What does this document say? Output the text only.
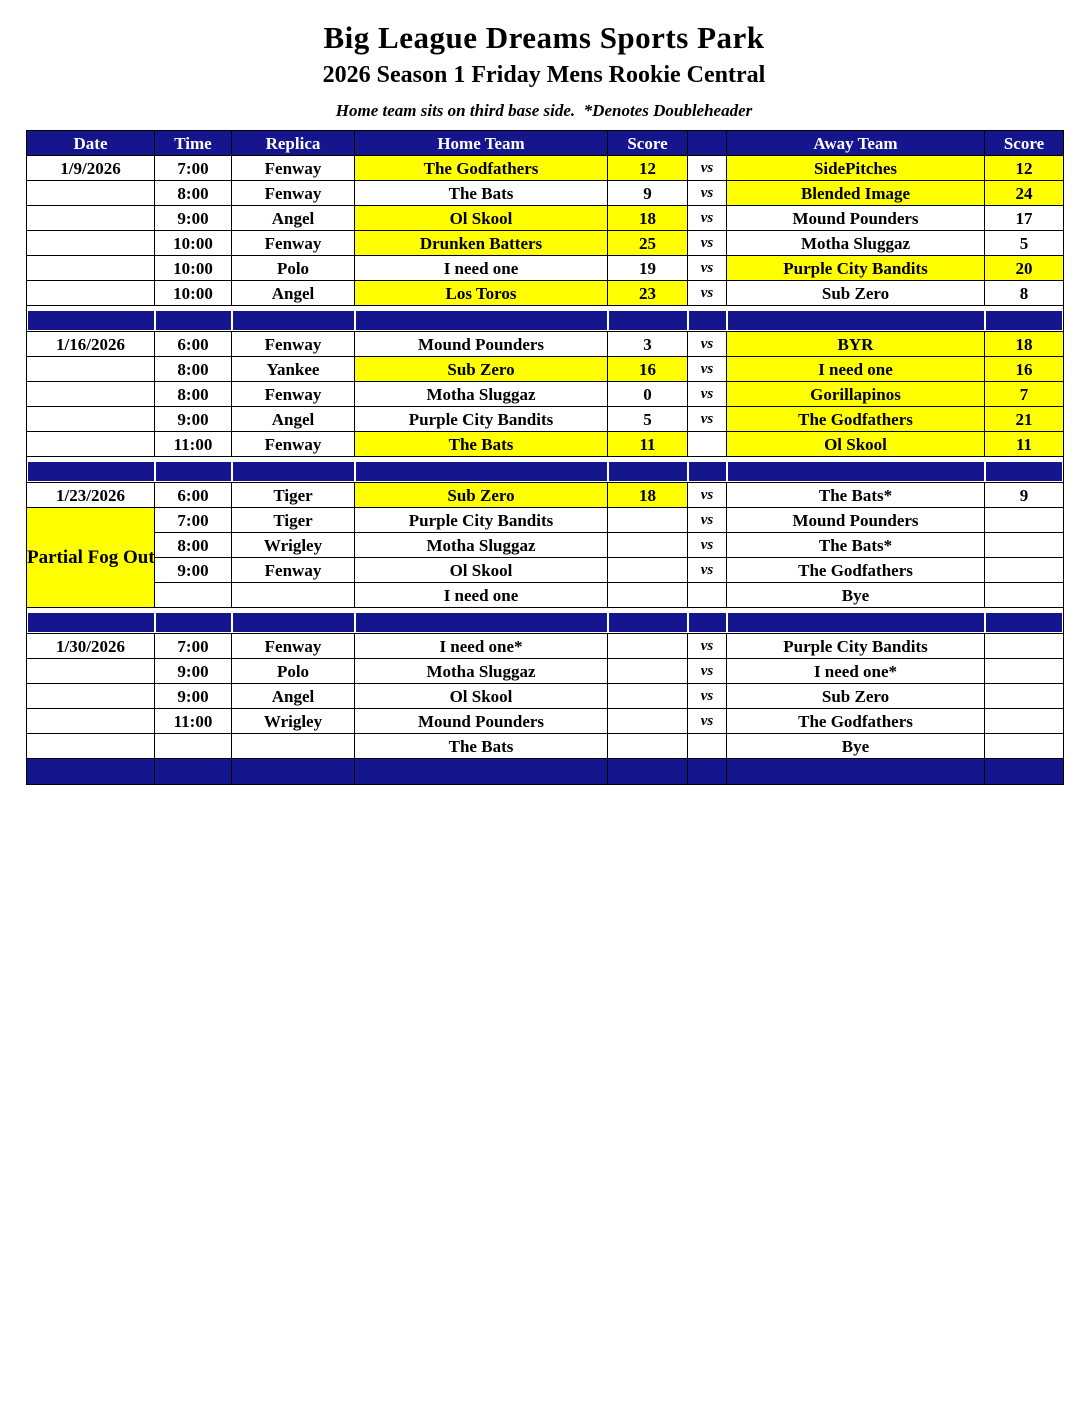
Big League Dreams Sports Park
2026 Season 1 Friday Mens Rookie Central
Home team sits on third base side.  *Denotes Doubleheader
Date	Time	Replica	Home Team	Score		Away Team	Score
1/9/2026	7:00	Fenway	The Godfathers	12	vs	SidePitches	12
	8:00	Fenway	The Bats	9	vs	Blended Image	24
	9:00	Angel	Ol Skool	18	vs	Mound Pounders	17
	10:00	Fenway	Drunken Batters	25	vs	Motha Sluggaz	5
	10:00	Polo	I need one	19	vs	Purple City Bandits	20
	10:00	Angel	Los Toros	23	vs	Sub Zero	8

1/16/2026	6:00	Fenway	Mound Pounders	3	vs	BYR	18
	8:00	Yankee	Sub Zero	16	vs	I need one	16
	8:00	Fenway	Motha Sluggaz	0	vs	Gorillapinos	7
	9:00	Angel	Purple City Bandits	5	vs	The Godfathers	21
	11:00	Fenway	The Bats	11		Ol Skool	11

1/23/2026	6:00	Tiger	Sub Zero	18	vs	The Bats*	9
Partial Fog Out	7:00	Tiger	Purple City Bandits		vs	Mound Pounders	
	8:00	Wrigley	Motha Sluggaz		vs	The Bats*	
	9:00	Fenway	Ol Skool		vs	The Godfathers	
			I need one			Bye	

1/30/2026	7:00	Fenway	I need one*		vs	Purple City Bandits	
	9:00	Polo	Motha Sluggaz		vs	I need one*	
	9:00	Angel	Ol Skool		vs	Sub Zero	
	11:00	Wrigley	Mound Pounders		vs	The Godfathers	
			The Bats			Bye	
